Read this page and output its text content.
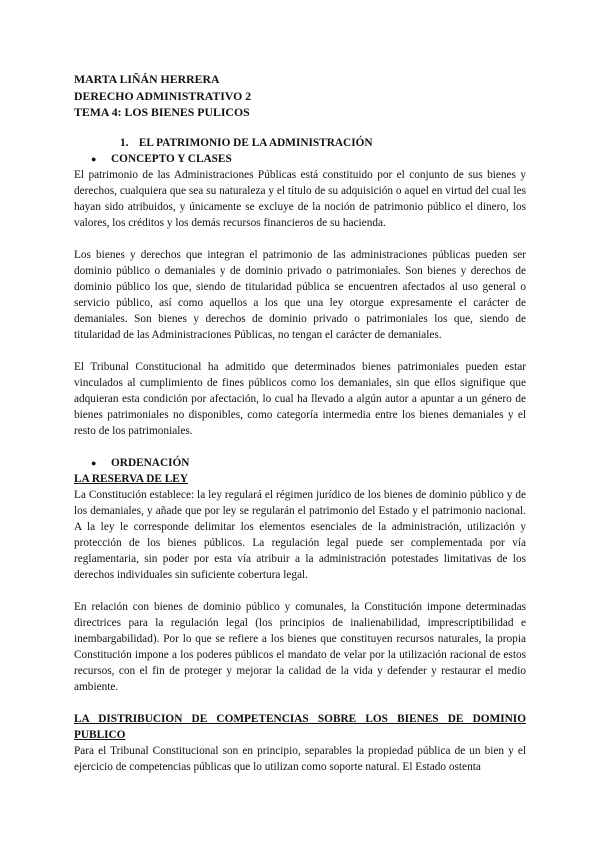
MARTA LIÑÁN HERRERA
DERECHO ADMINISTRATIVO 2
TEMA 4: LOS BIENES PULICOS
1. EL PATRIMONIO DE LA ADMINISTRACIÓN
● CONCEPTO Y CLASES

El patrimonio de las Administraciones Públicas está constituido por el conjunto de sus bienes y derechos, cualquiera que sea su naturaleza y el título de su adquisición o aquel en virtud del cual les hayan sido atribuidos, y únicamente se excluye de la noción de patrimonio público el dinero, los valores, los créditos y los demás recursos financieros de su hacienda.

Los bienes y derechos que integran el patrimonio de las administraciones públicas pueden ser dominio público o demaniales y de dominio privado o patrimoniales. Son bienes y derechos de dominio público los que, siendo de titularidad pública se encuentren afectados al uso general o servicio público, así como aquellos a los que una ley otorgue expresamente el carácter de demaniales. Son bienes y derechos de dominio privado o patrimoniales los que, siendo de titularidad de las Administraciones Públicas, no tengan el carácter de demaniales.

El Tribunal Constitucional ha admitido que determinados bienes patrimoniales pueden estar vinculados al cumplimiento de fines públicos como los demaniales, sin que ellos signifique que adquieran esta condición por afectación, lo cual ha llevado a algún autor a apuntar a un género de bienes patrimoniales no disponibles, como categoría intermedia entre los bienes demaniales y el resto de los patrimoniales.

● ORDENACIÓN
LA RESERVA DE LEY

La Constitución establece: la ley regulará el régimen jurídico de los bienes de dominio público y de los demaniales, y añade que por ley se regularán el patrimonio del Estado y el patrimonio nacional. A la ley le corresponde delimitar los elementos esenciales de la administración, utilización y protección de los bienes públicos. La regulación legal puede ser complementada por vía reglamentaria, sin poder por esta vía atribuir a la administración potestades limitativas de los derechos individuales sin suficiente cobertura legal.

En relación con bienes de dominio público y comunales, la Constitución impone determinadas directrices para la regulación legal (los principios de inalienabilidad, imprescriptibilidad e inembargabilidad). Por lo que se refiere a los bienes que constituyen recursos naturales, la propia Constitución impone a los poderes públicos el mandato de velar por la utilización racional de estos recursos, con el fin de proteger y mejorar la calidad de la vida y defender y restaurar el medio ambiente.

LA DISTRIBUCION DE COMPETENCIAS SOBRE LOS BIENES DE DOMINIO PUBLICO

Para el Tribunal Constitucional son en principio, separables la propiedad pública de un bien y el ejercicio de competencias públicas que lo utilizan como soporte natural. El Estado ostenta
